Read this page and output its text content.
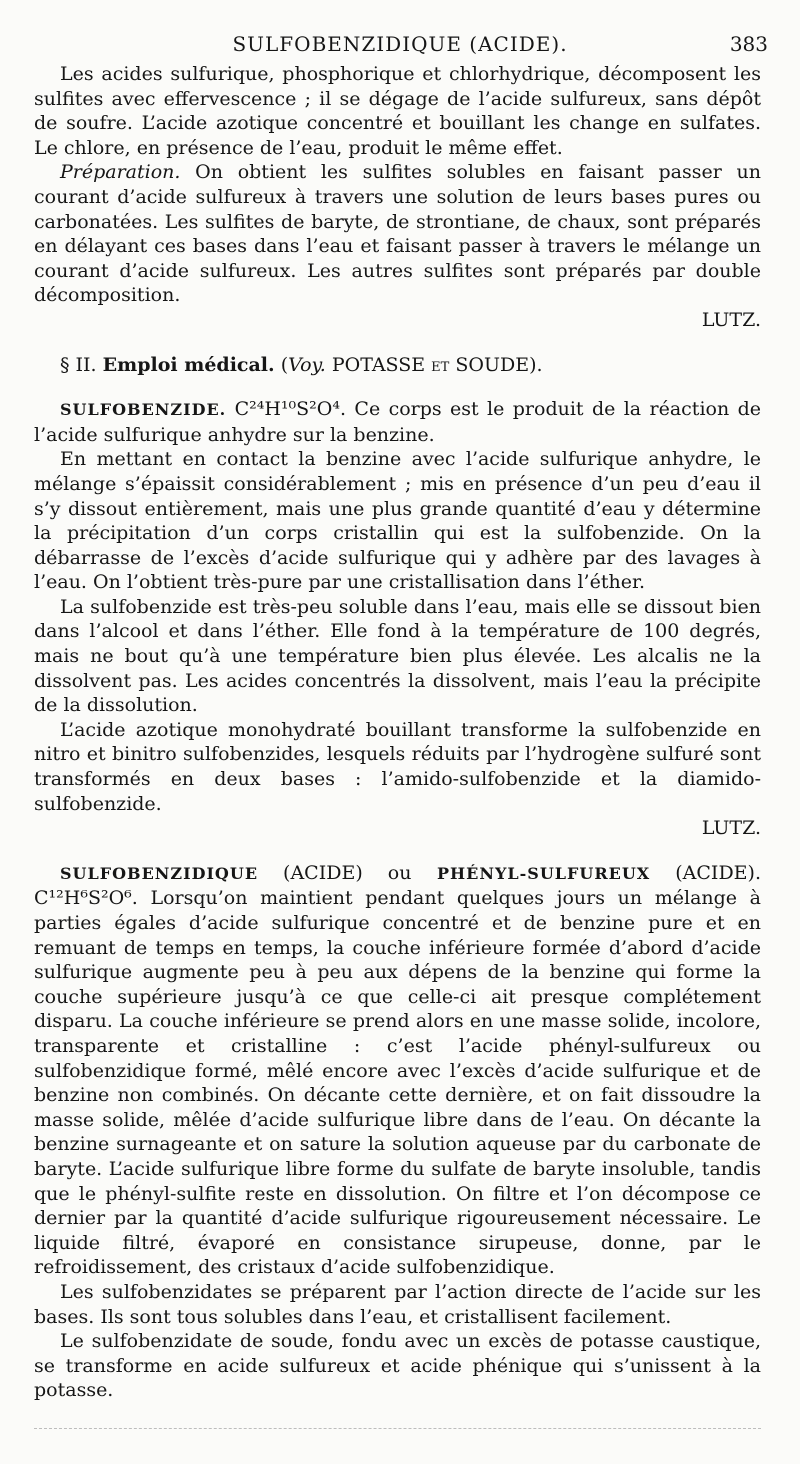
SULFOBENZIDIQUE (ACIDE).	383

Les acides sulfurique, phosphorique et chlorhydrique, décomposent les sulfites avec effervescence ; il se dégage de l’acide sulfureux, sans dépôt de soufre. L’acide azotique concentré et bouillant les change en sulfates. Le chlore, en présence de l’eau, produit le même effet.

Préparation. On obtient les sulfites solubles en faisant passer un courant d’acide sulfureux à travers une solution de leurs bases pures ou carbonatées. Les sulfites de baryte, de strontiane, de chaux, sont préparés en délayant ces bases dans l’eau et faisant passer à travers le mélange un courant d’acide sulfureux. Les autres sulfites sont préparés par double décomposition.

LUTZ.

§ II. Emploi médical. (Voy. POTASSE et SOUDE).

SULFOBENZIDE. C²⁴H¹⁰S²O⁴. Ce corps est le produit de la réaction de l’acide sulfurique anhydre sur la benzine.

En mettant en contact la benzine avec l’acide sulfurique anhydre, le mélange s’épaissit considérablement ; mis en présence d’un peu d’eau il s’y dissout entièrement, mais une plus grande quantité d’eau y détermine la précipitation d’un corps cristallin qui est la sulfobenzide. On la débarrasse de l’excès d’acide sulfurique qui y adhère par des lavages à l’eau. On l’obtient très-pure par une cristallisation dans l’éther.

La sulfobenzide est très-peu soluble dans l’eau, mais elle se dissout bien dans l’alcool et dans l’éther. Elle fond à la température de 100 degrés, mais ne bout qu’à une température bien plus élevée. Les alcalis ne la dissolvent pas. Les acides concentrés la dissolvent, mais l’eau la précipite de la dissolution.

L’acide azotique monohydraté bouillant transforme la sulfobenzide en nitro et binitro sulfobenzides, lesquels réduits par l’hydrogène sulfuré sont transformés en deux bases : l’amido-sulfobenzide et la diamido-sulfobenzide.

LUTZ.

SULFOBENZIDIQUE (ACIDE) ou PHÉNYL-SULFUREUX (ACIDE). C¹²H⁶S²O⁶. Lorsqu’on maintient pendant quelques jours un mélange à parties égales d’acide sulfurique concentré et de benzine pure et en remuant de temps en temps, la couche inférieure formée d’abord d’acide sulfurique augmente peu à peu aux dépens de la benzine qui forme la couche supérieure jusqu’à ce que celle-ci ait presque complétement disparu. La couche inférieure se prend alors en une masse solide, incolore, transparente et cristalline : c’est l’acide phényl-sulfureux ou sulfobenzidique formé, mêlé encore avec l’excès d’acide sulfurique et de benzine non combinés. On décante cette dernière, et on fait dissoudre la masse solide, mêlée d’acide sulfurique libre dans de l’eau. On décante la benzine surnageante et on sature la solution aqueuse par du carbonate de baryte. L’acide sulfurique libre forme du sulfate de baryte insoluble, tandis que le phényl-sulfite reste en dissolution. On filtre et l’on décompose ce dernier par la quantité d’acide sulfurique rigoureusement nécessaire. Le liquide filtré, évaporé en consistance sirupeuse, donne, par le refroidissement, des cristaux d’acide sulfobenzidique.

Les sulfobenzidates se préparent par l’action directe de l’acide sur les bases. Ils sont tous solubles dans l’eau, et cristallisent facilement.

Le sulfobenzidate de soude, fondu avec un excès de potasse caustique, se transforme en acide sulfureux et acide phénique qui s’unissent à la potasse.
